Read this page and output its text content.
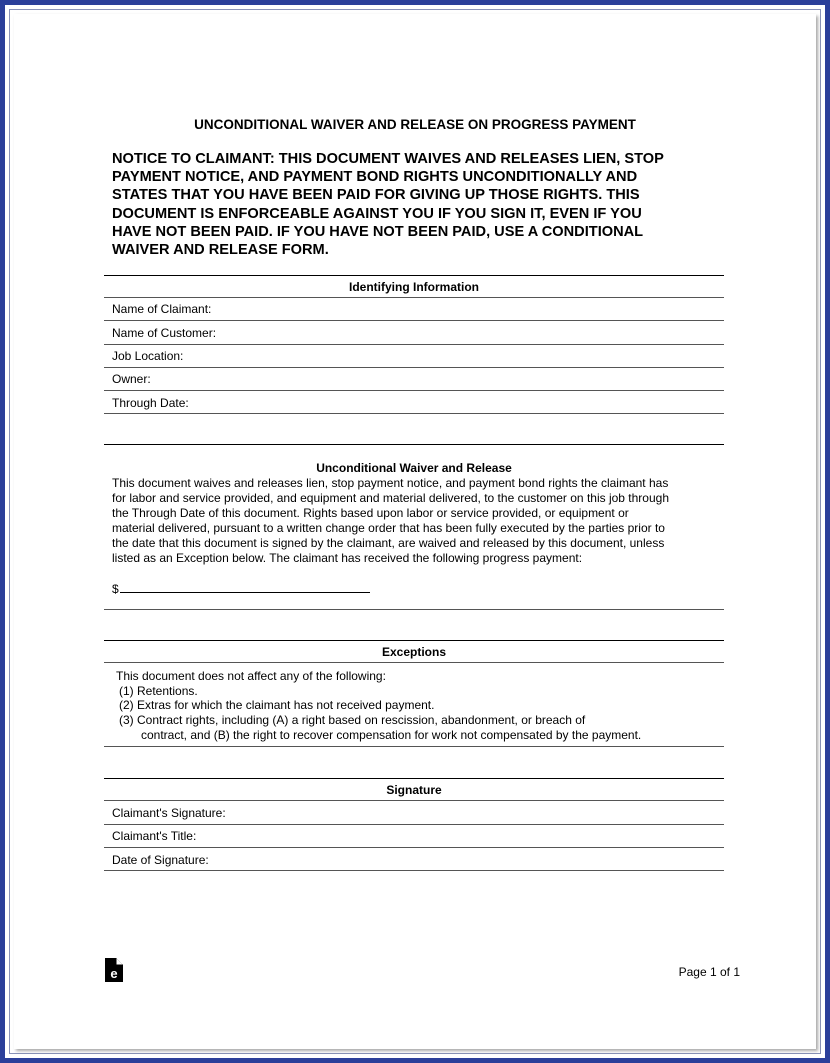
UNCONDITIONAL WAIVER AND RELEASE ON PROGRESS PAYMENT
NOTICE TO CLAIMANT: THIS DOCUMENT WAIVES AND RELEASES LIEN, STOP
PAYMENT NOTICE, AND PAYMENT BOND RIGHTS UNCONDITIONALLY AND
STATES THAT YOU HAVE BEEN PAID FOR GIVING UP THOSE RIGHTS. THIS
DOCUMENT IS ENFORCEABLE AGAINST YOU IF YOU SIGN IT, EVEN IF YOU
HAVE NOT BEEN PAID. IF YOU HAVE NOT BEEN PAID, USE A CONDITIONAL
WAIVER AND RELEASE FORM.
Identifying Information
Name of Claimant:
Name of Customer:
Job Location:
Owner:
Through Date:
Unconditional Waiver and Release
This document waives and releases lien, stop payment notice, and payment bond rights the claimant has
for labor and service provided, and equipment and material delivered, to the customer on this job through
the Through Date of this document. Rights based upon labor or service provided, or equipment or
material delivered, pursuant to a written change order that has been fully executed by the parties prior to
the date that this document is signed by the claimant, are waived and released by this document, unless
listed as an Exception below. The claimant has received the following progress payment:
$
Exceptions
This document does not affect any of the following:
(1) Retentions.
(2) Extras for which the claimant has not received payment.
(3) Contract rights, including (A) a right based on rescission, abandonment, or breach of
contract, and (B) the right to recover compensation for work not compensated by the payment.
Signature
Claimant's Signature:
Claimant's Title:
Date of Signature:
e	Page 1 of 1
